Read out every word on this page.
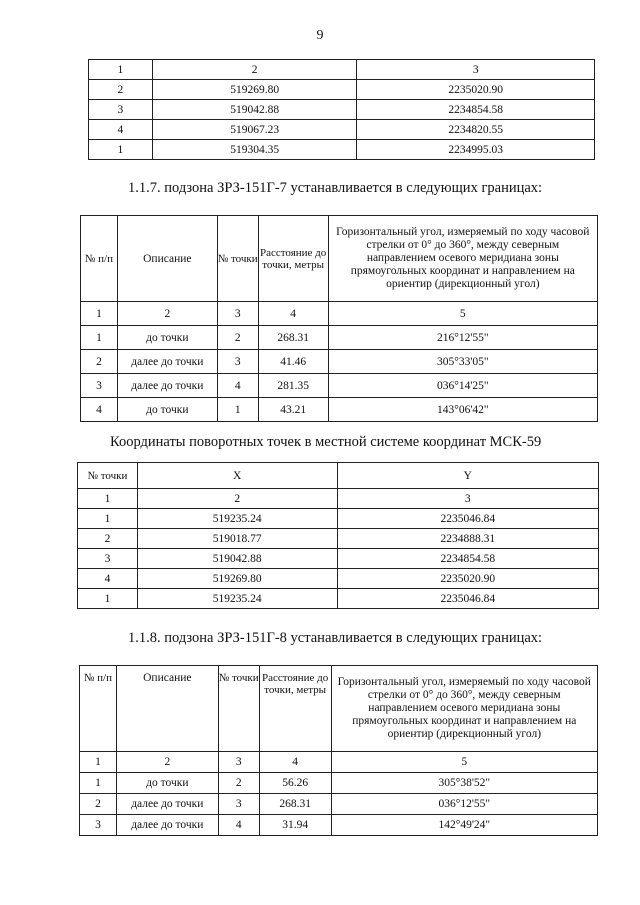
9
1	2	3
2	519269.80	2235020.90
3	519042.88	2234854.58
4	519067.23	2234820.55
1	519304.35	2234995.03
1.1.7. подзона ЗРЗ-151Г-7 устанавливается в следующих границах:
№ п/п	Описание	№ точки	Расстояние до точки, метры	Горизонтальный угол, измеряемый по ходу часовой стрелки от 0° до 360°, между северным направлением осевого меридиана зоны прямоугольных координат и направлением на ориентир (дирекционный угол)
1	2	3	4	5
1	до точки	2	268.31	216°12'55"
2	далее до точки	3	41.46	305°33'05"
3	далее до точки	4	281.35	036°14'25"
4	до точки	1	43.21	143°06'42"
Координаты поворотных точек в местной системе координат МСК-59
№ точки	X	Y
1	2	3
1	519235.24	2235046.84
2	519018.77	2234888.31
3	519042.88	2234854.58
4	519269.80	2235020.90
1	519235.24	2235046.84
1.1.8. подзона ЗРЗ-151Г-8 устанавливается в следующих границах:
№ п/п	Описание	№ точки	Расстояние до точки, метры	Горизонтальный угол, измеряемый по ходу часовой стрелки от 0° до 360°, между северным направлением осевого меридиана зоны прямоугольных координат и направлением на ориентир (дирекционный угол)
1	2	3	4	5
1	до точки	2	56.26	305°38'52"
2	далее до точки	3	268.31	036°12'55"
3	далее до точки	4	31.94	142°49'24"
